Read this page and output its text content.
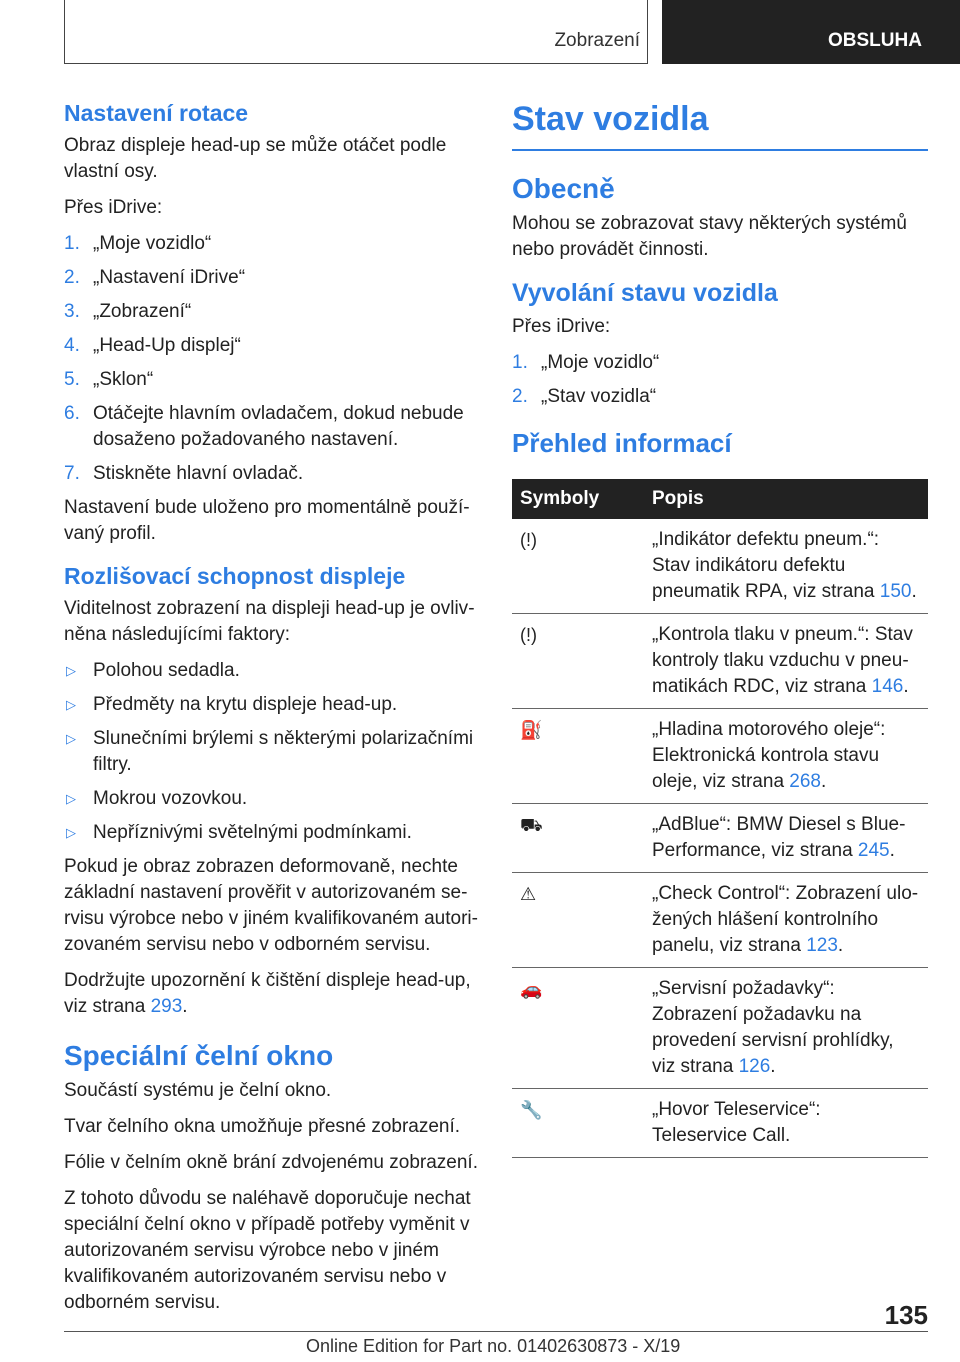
Zobrazení	OBSLUHA
Nastavení rotace

Obraz displeje head-up se může otáčet podle vlastní osy.

Přes iDrive:

1. „Moje vozidlo“
2. „Nastavení iDrive“
3. „Zobrazení“
4. „Head-Up displej“
5. „Sklon“
6. Otáčejte hlavním ovladačem, dokud nebude dosaženo požadovaného nastavení.
7. Stiskněte hlavní ovladač.

Nastavení bude uloženo pro momentálně používaný profil.

Rozlišovací schopnost displeje

Viditelnost zobrazení na displeji head-up je ovlivněna následujícími faktory:

▷ Polohou sedadla.
▷ Předměty na krytu displeje head-up.
▷ Slunečními brýlemi s některými polarizačními filtry.
▷ Mokrou vozovkou.
▷ Nepříznivými světelnými podmínkami.

Pokud je obraz zobrazen deformovaně, nechte základní nastavení prověřit v autorizovaném servisu výrobce nebo v jiném kvalifikovaném autorizovaném servisu nebo v odborném servisu.

Dodržujte upozornění k čištění displeje head-up, viz strana 293.

Speciální čelní okno

Součástí systému je čelní okno.

Tvar čelního okna umožňuje přesné zobrazení.

Fólie v čelním okně brání zdvojenému zobrazení.

Z tohoto důvodu se naléhavě doporučuje nechat speciální čelní okno v případě potřeby vyměnit v autorizovaném servisu výrobce nebo v jiném kvalifikovaném autorizovaném servisu nebo v odborném servisu.

Stav vozidla
Obecně

Mohou se zobrazovat stavy některých systémů nebo provádět činnosti.

Vyvolání stavu vozidla

Přes iDrive:

1. „Moje vozidlo“
2. „Stav vozidla“
Přehled informací
Symboly	Popis
(!)	„Indikátor defektu pneum.“: Stav indikátoru defektu pneumatik RPA, viz strana 150.
(!)	„Kontrola tlaku v pneum.“: Stav kontroly tlaku vzduchu v pneumatikách RDC, viz strana 146.
⛽	„Hladina motorového oleje“: Elektronická kontrola stavu oleje, viz strana 268.
⛟	„AdBlue“: BMW Diesel s BluePerformance, viz strana 245.
⚠	„Check Control“: Zobrazení uložených hlášení kontrolního panelu, viz strana 123.
🚗	„Servisní požadavky“: Zobrazení požadavku na provedení servisní prohlídky, viz strana 126.
🔧	„Hovor Teleservice“: Teleservice Call.
135
Online Edition for Part no. 01402630873 - X/19
